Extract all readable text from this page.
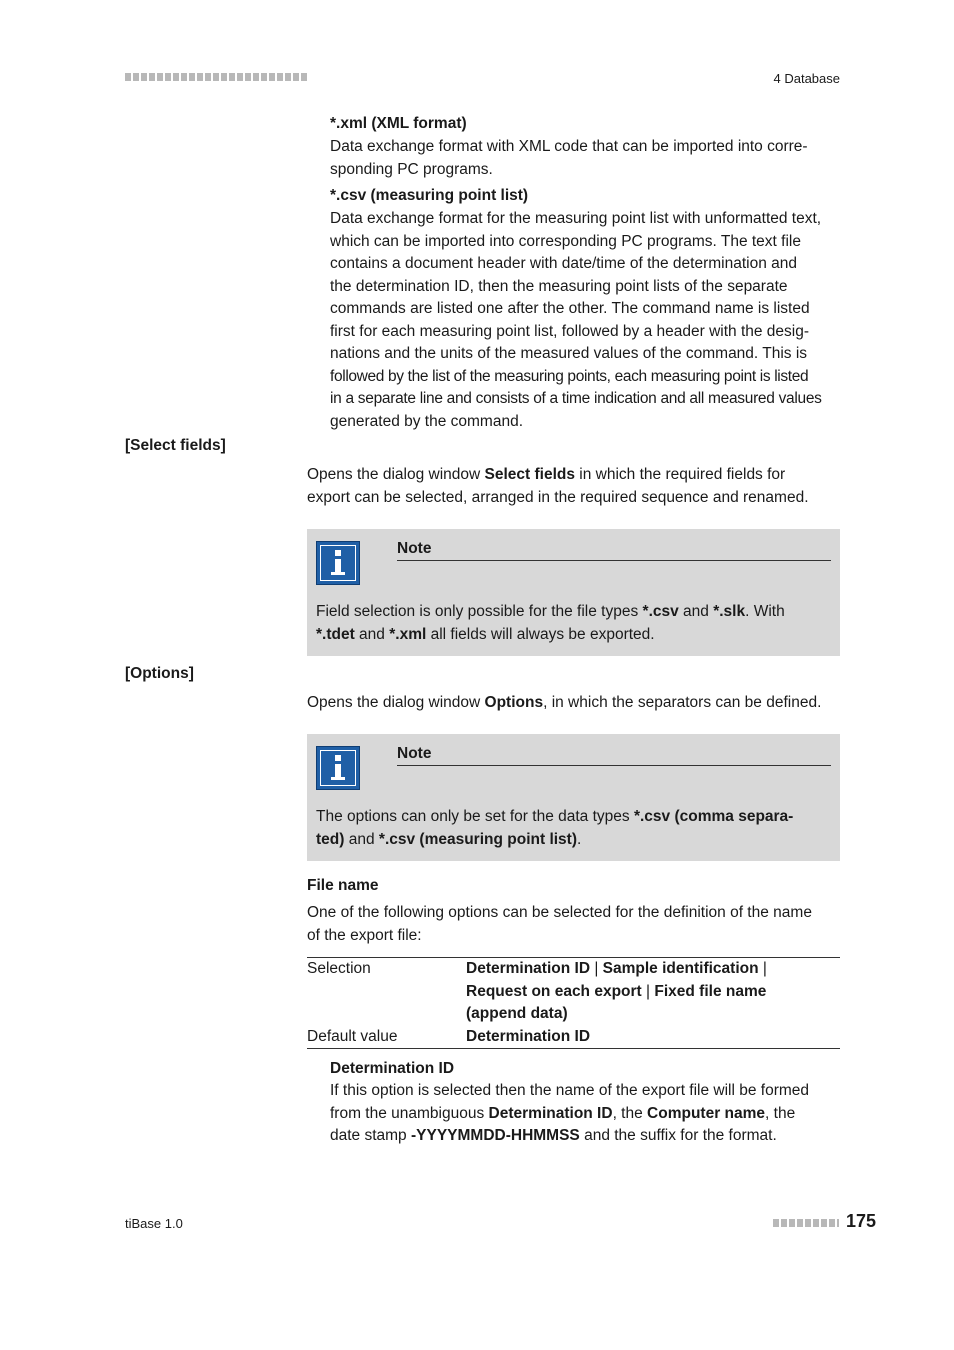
4 Database
*.xml (XML format)
Data exchange format with XML code that can be imported into corre-
sponding PC programs.
*.csv (measuring point list)
Data exchange format for the measuring point list with unformatted text,
which can be imported into corresponding PC programs. The text file
contains a document header with date/time of the determination and
the determination ID, then the measuring point lists of the separate
commands are listed one after the other. The command name is listed
first for each measuring point list, followed by a header with the desig-
nations and the units of the measured values of the command. This is
followed by the list of the measuring points, each measuring point is listed
in a separate line and consists of a time indication and all measured values
generated by the command.
[Select fields]
Opens the dialog window Select fields in which the required fields for
export can be selected, arranged in the required sequence and renamed.
Note
Field selection is only possible for the file types *.csv and *.slk. With
*.tdet and *.xml all fields will always be exported.
[Options]
Opens the dialog window Options, in which the separators can be defined.
Note
The options can only be set for the data types *.csv (comma separa-
ted) and *.csv (measuring point list).
File name
One of the following options can be selected for the definition of the name
of the export file:
Selection	Determination ID | Sample identification |
Request on each export | Fixed file name
(append data)

Default value	Determination ID
Determination ID
If this option is selected then the name of the export file will be formed
from the unambiguous Determination ID, the Computer name, the
date stamp -YYYYMMDD-HHMMSS and the suffix for the format.
tiBase 1.0	175
